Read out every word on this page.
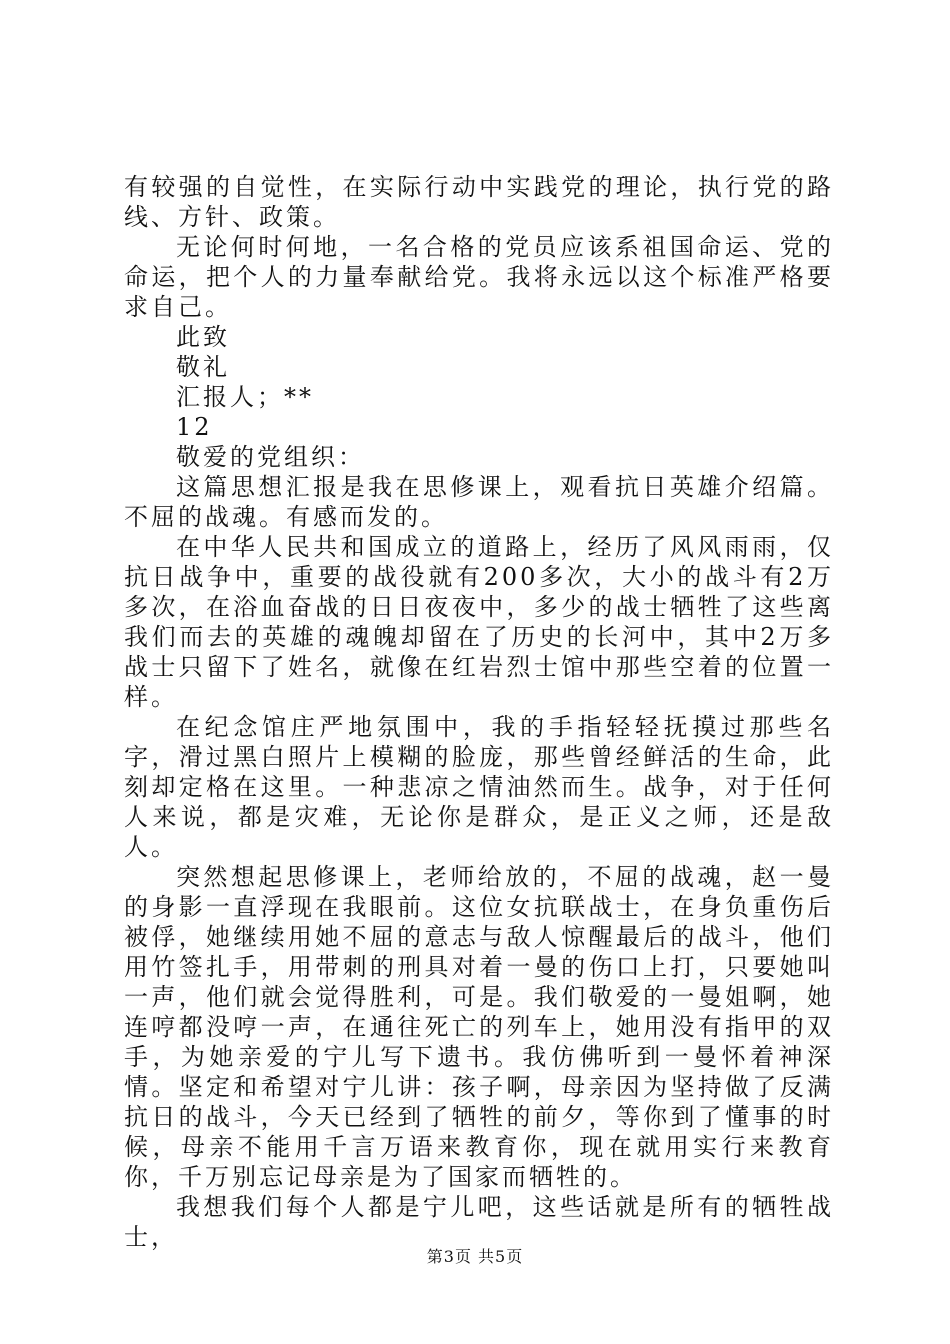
有较强的自觉性，在实际行动中实践党的理论，执行党的路线、方针、政策。

无论何时何地，一名合格的党员应该系祖国命运、党的命运，把个人的力量奉献给党。我将永远以这个标准严格要求自己。

此致

敬礼

汇报人；**

12

敬爱的党组织：

这篇思想汇报是我在思修课上，观看抗日英雄介绍篇。不屈的战魂。有感而发的。

在中华人民共和国成立的道路上，经历了风风雨雨，仅抗日战争中，重要的战役就有200多次，大小的战斗有2万多次，在浴血奋战的日日夜夜中，多少的战士牺牲了这些离我们而去的英雄的魂魄却留在了历史的长河中，其中2万多战士只留下了姓名，就像在红岩烈士馆中那些空着的位置一样。

在纪念馆庄严地氛围中，我的手指轻轻抚摸过那些名字，滑过黑白照片上模糊的脸庞，那些曾经鲜活的生命，此刻却定格在这里。一种悲凉之情油然而生。战争，对于任何人来说，都是灾难，无论你是群众，是正义之师，还是敌人。

突然想起思修课上，老师给放的，不屈的战魂，赵一曼的身影一直浮现在我眼前。这位女抗联战士，在身负重伤后被俘，她继续用她不屈的意志与敌人惊醒最后的战斗，他们用竹签扎手，用带刺的刑具对着一曼的伤口上打，只要她叫一声，他们就会觉得胜利，可是。我们敬爱的一曼姐啊，她连哼都没哼一声，在通往死亡的列车上，她用没有指甲的双手，为她亲爱的宁儿写下遗书。我仿佛听到一曼怀着神深情。坚定和希望对宁儿讲：孩子啊，母亲因为坚持做了反满抗日的战斗，今天已经到了牺牲的前夕，等你到了懂事的时候，母亲不能用千言万语来教育你，现在就用实行来教育你，千万别忘记母亲是为了国家而牺牲的。

我想我们每个人都是宁儿吧，这些话就是所有的牺牲战士，

第3页 共5页
